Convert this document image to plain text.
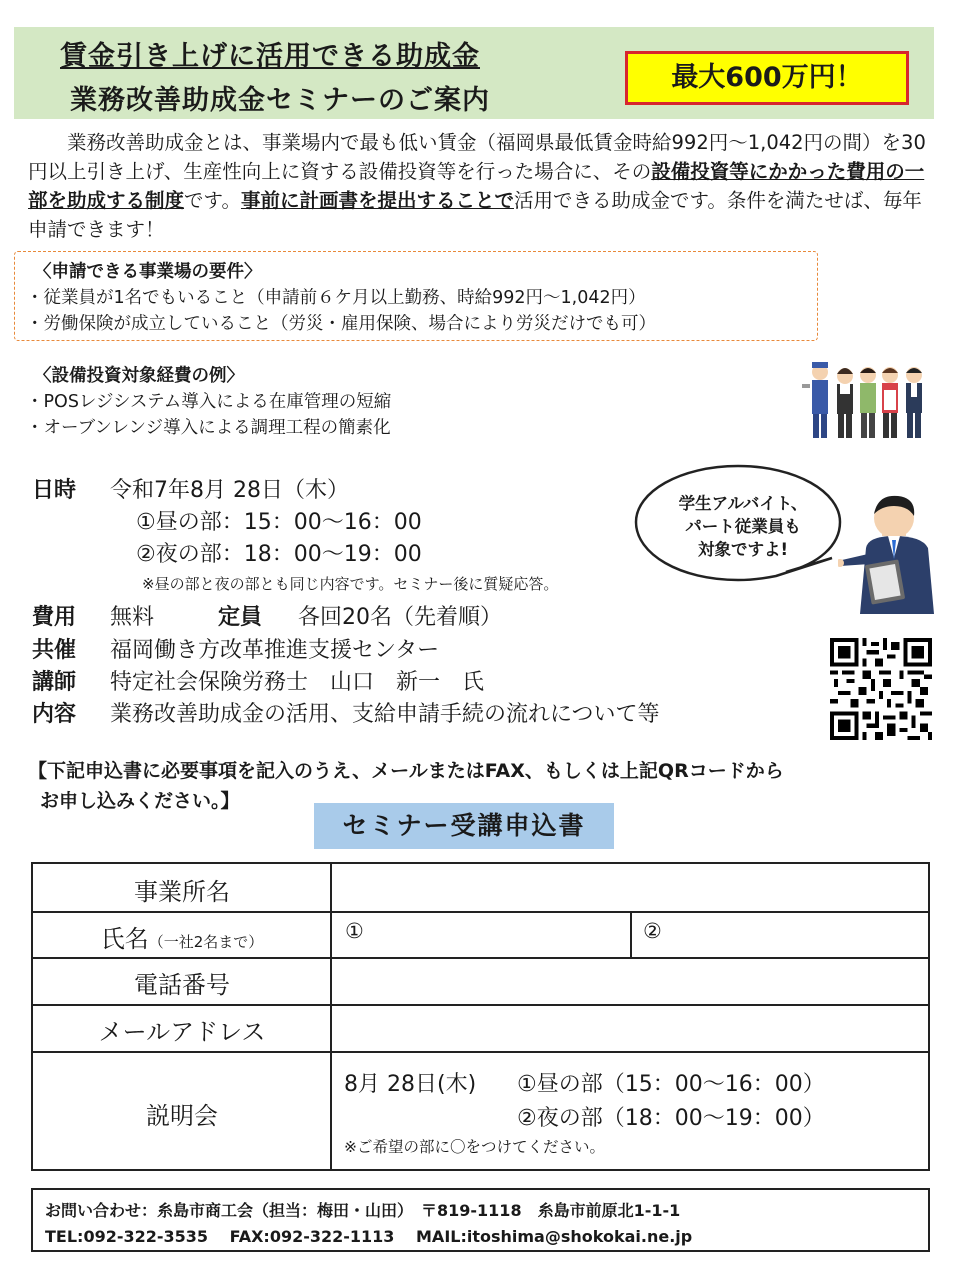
賃金引き上げに活用できる助成金
業務改善助成金セミナーのご案内
最大600万円！
業務改善助成金とは、事業場内で最も低い賃金（福岡県最低賃金時給992円～1,042円の間）を30円以上引き上げ、生産性向上に資する設備投資等を行った場合に、その設備投資等にかかった費用の一部を助成する制度です。事前に計画書を提出することで活用できる助成金です。条件を満たせば、毎年申請できます！
〈申請できる事業場の要件〉
・従業員が1名でもいること（申請前６ケ月以上勤務、時給992円～1,042円）
・労働保険が成立していること（労災・雇用保険、場合により労災だけでも可）
〈設備投資対象経費の例〉
・POSレジシステム導入による在庫管理の短縮
・オーブンレンジ導入による調理工程の簡素化
日時 令和7年8月 28日（木）
①昼の部：15：00～16：00
②夜の部：18：00～19：00
※昼の部と夜の部とも同じ内容です。セミナー後に質疑応答。
費用 無料	定員 各回20名（先着順）
共催 福岡働き方改革推進支援センター
講師 特定社会保険労務士　山口　新一　氏
内容 業務改善助成金の活用、支給申請手続の流れについて等
学生アルバイト、
パート従業員も
対象ですよ!
【下記申込書に必要事項を記入のうえ、メールまたはFAX、もしくは上記QRコードから
お申し込みください。】
セミナー受講申込書
事業所名
氏名（一社2名まで）	①	②
電話番号
メールアドレス
説明会
8月 28日(木) ①昼の部（15：00～16：00）
②夜の部（18：00～19：00）
※ご希望の部に〇をつけてください。
お問い合わせ：糸島市商工会（担当：梅田・山田）　〒819-1118　糸島市前原北1-1-1
TEL:092-322-3535　 FAX:092-322-1113　 MAIL:itoshima@shokokai.ne.jp
